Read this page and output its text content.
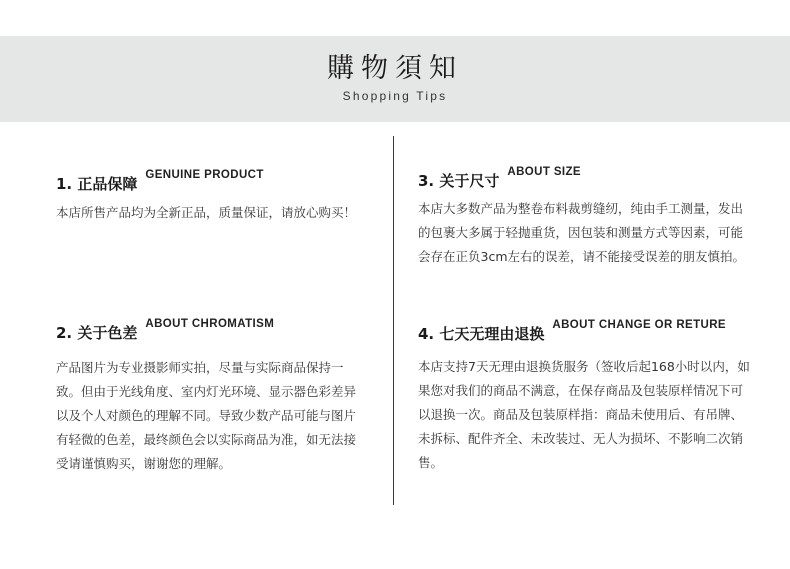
購物須知
Shopping Tips
1. 正品保障 GENUINE PRODUCT
本店所售产品均为全新正品，质量保证，请放心购买！
2. 关于色差 ABOUT CHROMATISM
产品图片为专业摄影师实拍，尽量与实际商品保持一致。但由于光线角度、室内灯光环境、显示器色彩差异以及个人对颜色的理解不同。导致少数产品可能与图片有轻微的色差，最终颜色会以实际商品为准，如无法接受请谨慎购买，谢谢您的理解。
3. 关于尺寸 ABOUT SIZE
本店大多数产品为整卷布料裁剪缝纫，纯由手工测量，发出的包裹大多属于轻抛重货，因包装和测量方式等因素，可能会存在正负3cm左右的误差，请不能接受误差的朋友慎拍。
4. 七天无理由退换 ABOUT CHANGE OR RETURE
本店支持7天无理由退换货服务（签收后起168小时以内，如果您对我们的商品不满意，在保存商品及包装原样情况下可以退换一次。商品及包装原样指：商品未使用后、有吊牌、未拆标、配件齐全、未改装过、无人为损坏、不影响二次销售。
